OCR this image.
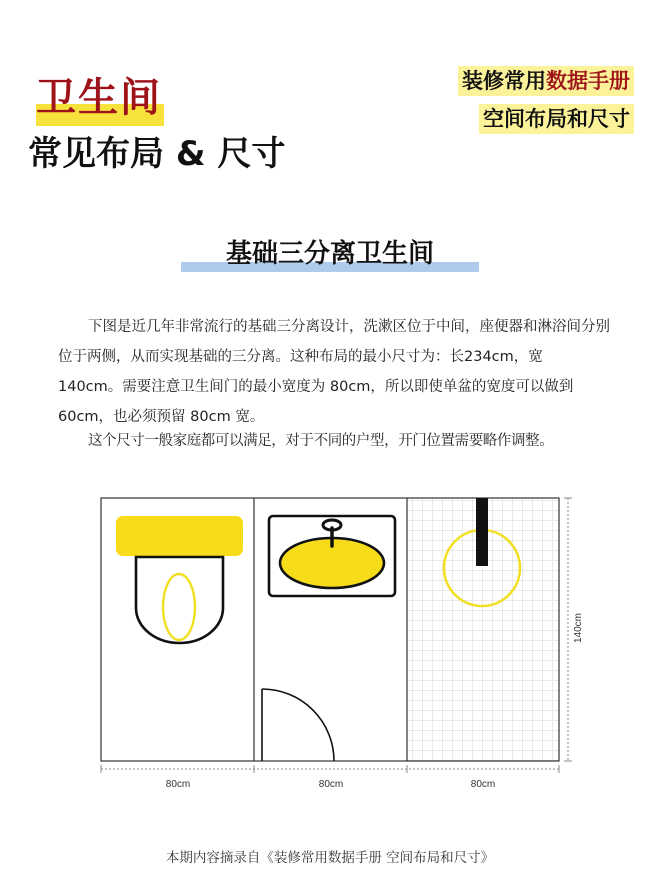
卫生间
常见布局 & 尺寸
装修常用数据手册
空间布局和尺寸
基础三分离卫生间
下图是近几年非常流行的基础三分离设计，洗漱区位于中间，座便器和淋浴间分别位于两侧，从而实现基础的三分离。这种布局的最小尺寸为：长234cm，宽 140cm。需要注意卫生间门的最小宽度为 80cm，所以即使单盆的宽度可以做到 60cm，也必须预留 80cm 宽。
这个尺寸一般家庭都可以满足，对于不同的户型，开门位置需要略作调整。
80cm	80cm	80cm
140cm
本期内容摘录自《装修常用数据手册 空间布局和尺寸》
